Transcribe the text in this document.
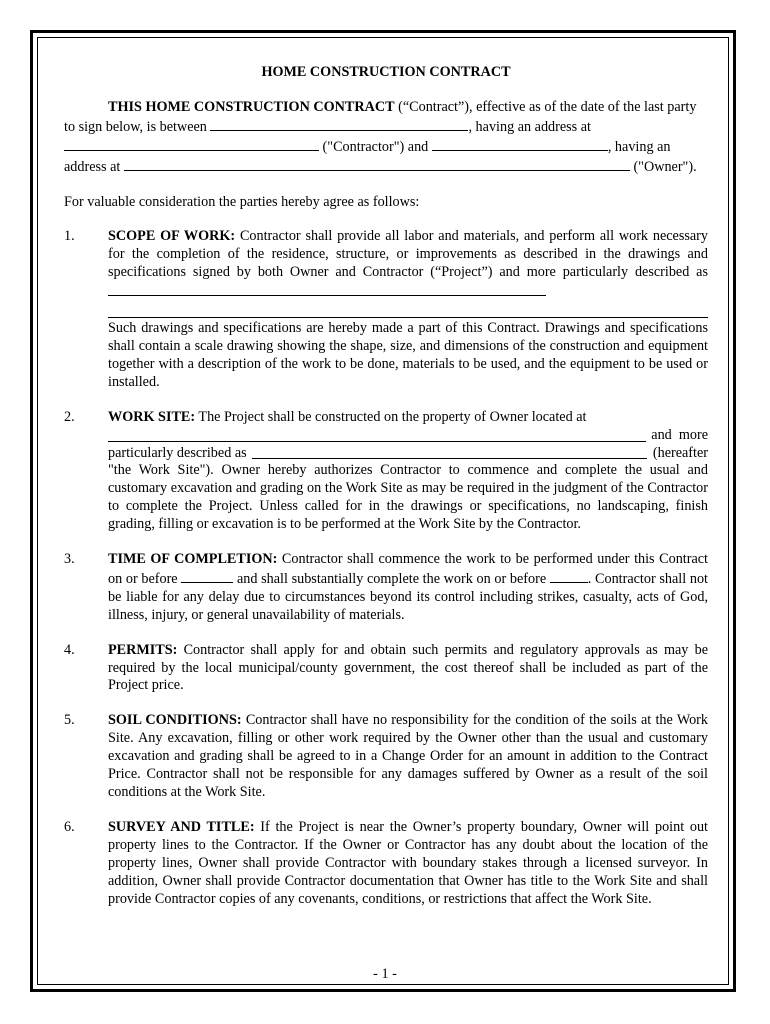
HOME CONSTRUCTION CONTRACT

THIS HOME CONSTRUCTION CONTRACT (“Contract”), effective as of the date of the last party to sign below, is between	, having an address at  ("Contractor") and	, having an address at	("Owner").

For valuable consideration the parties hereby agree as follows:

1. SCOPE OF WORK: Contractor shall provide all labor and materials, and perform all work necessary for the completion of the residence, structure, or improvements as described in the drawings and specifications signed by both Owner and Contractor (“Project”) and more particularly described as

Such drawings and specifications are hereby made a part of this Contract. Drawings and specifications shall contain a scale drawing showing the shape, size, and dimensions of the construction and equipment together with a description of the work to be done, materials to be used, and the equipment to be used or installed.

2. WORK SITE: The Project shall be constructed on the property of Owner located at

and  more
particularly described as	(hereafter

"the Work Site"). Owner hereby authorizes Contractor to commence and complete the usual and customary excavation and grading on the Work Site as may be required in the judgment of the Contractor to complete the Project. Unless called for in the drawings or specifications, no landscaping, finish grading, filling or excavation is to be performed at the Work Site by the Contractor.

3. TIME OF COMPLETION: Contractor shall commence the work to be performed under this Contract on or before	and shall substantially complete the work on or before	. Contractor shall not be liable for any delay due to circumstances beyond its control including strikes, casualty, acts of God, illness, injury, or general unavailability of materials.
4. PERMITS: Contractor shall apply for and obtain such permits and regulatory approvals as may be required by the local municipal/county government, the cost thereof shall be included as part of the Project price.
5. SOIL CONDITIONS: Contractor shall have no responsibility for the condition of the soils at the Work Site. Any excavation, filling or other work required by the Owner other than the usual and customary excavation and grading shall be agreed to in a Change Order for an amount in addition to the Contract Price. Contractor shall not be responsible for any damages suffered by Owner as a result of the soil conditions at the Work Site.
6. SURVEY AND TITLE: If the Project is near the Owner’s property boundary, Owner will point out property lines to the Contractor. If the Owner or Contractor has any doubt about the location of the property lines, Owner shall provide Contractor with boundary stakes through a licensed surveyor. In addition, Owner shall provide Contractor documentation that Owner has title to the Work Site and shall provide Contractor copies of any covenants, conditions, or restrictions that affect the Work Site.
- 1 -
